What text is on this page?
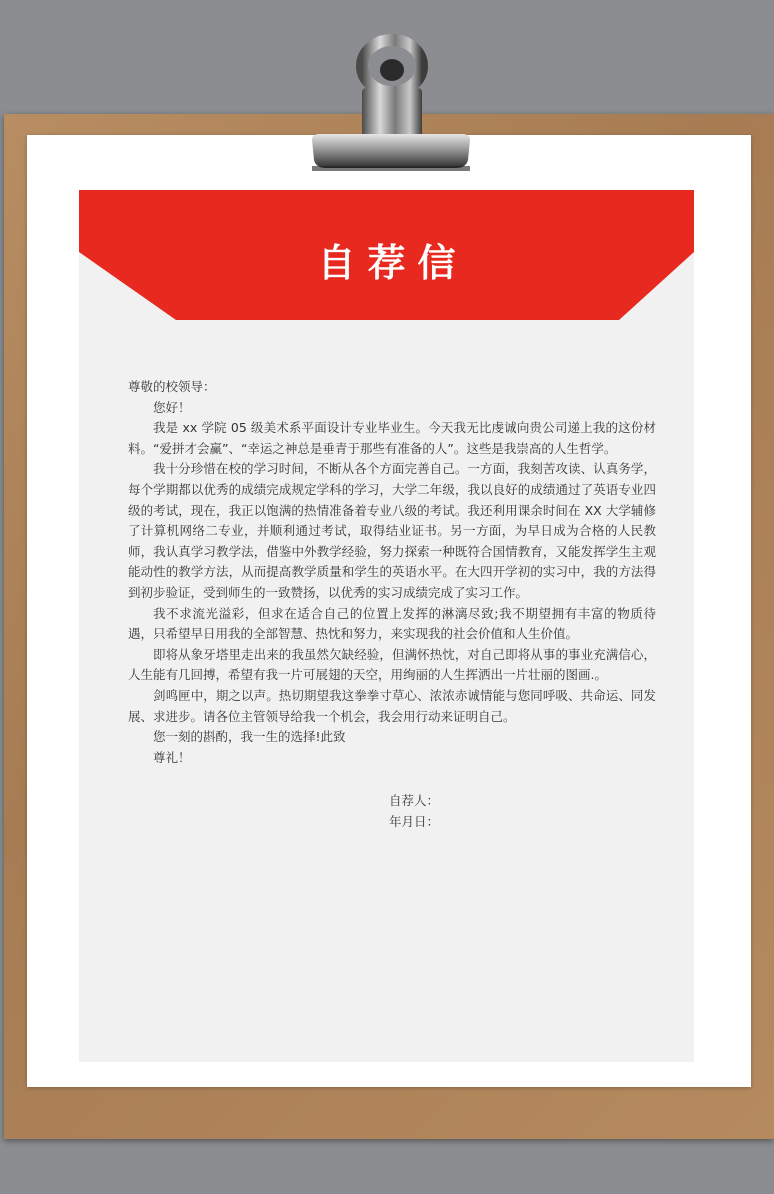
自荐信

尊敬的校领导：

您好！

我是 xx 学院 05 级美术系平面设计专业毕业生。今天我无比虔诚向贵公司递上我的这份材料。“爱拼才会赢”、“幸运之神总是垂青于那些有准备的人”。这些是我崇高的人生哲学。

我十分珍惜在校的学习时间，不断从各个方面完善自己。一方面，我刻苦攻读、认真务学，每个学期都以优秀的成绩完成规定学科的学习，大学二年级，我以良好的成绩通过了英语专业四级的考试，现在，我正以饱满的热情准备着专业八级的考试。我还利用课余时间在 XX 大学辅修了计算机网络二专业，并顺利通过考试，取得结业证书。另一方面，为早日成为合格的人民教师，我认真学习教学法，借鉴中外教学经验，努力探索一种既符合国情教育，又能发挥学生主观能动性的教学方法，从而提高教学质量和学生的英语水平。在大四开学初的实习中，我的方法得到初步验证，受到师生的一致赞扬，以优秀的实习成绩完成了实习工作。

我不求流光溢彩，但求在适合自己的位置上发挥的淋漓尽致;我不期望拥有丰富的物质待遇，只希望早日用我的全部智慧、热忱和努力，来实现我的社会价值和人生价值。

即将从象牙塔里走出来的我虽然欠缺经验，但满怀热忱，对自己即将从事的事业充满信心，人生能有几回搏，希望有我一片可展翅的天空，用绚丽的人生挥洒出一片壮丽的图画.。

剑鸣匣中，期之以声。热切期望我这拳拳寸草心、浓浓赤诚情能与您同呼吸、共命运、同发展、求进步。请各位主管领导给我一个机会，我会用行动来证明自己。

您一刻的斟酌，我一生的选择!此致

尊礼！

自荐人：

年月日：
